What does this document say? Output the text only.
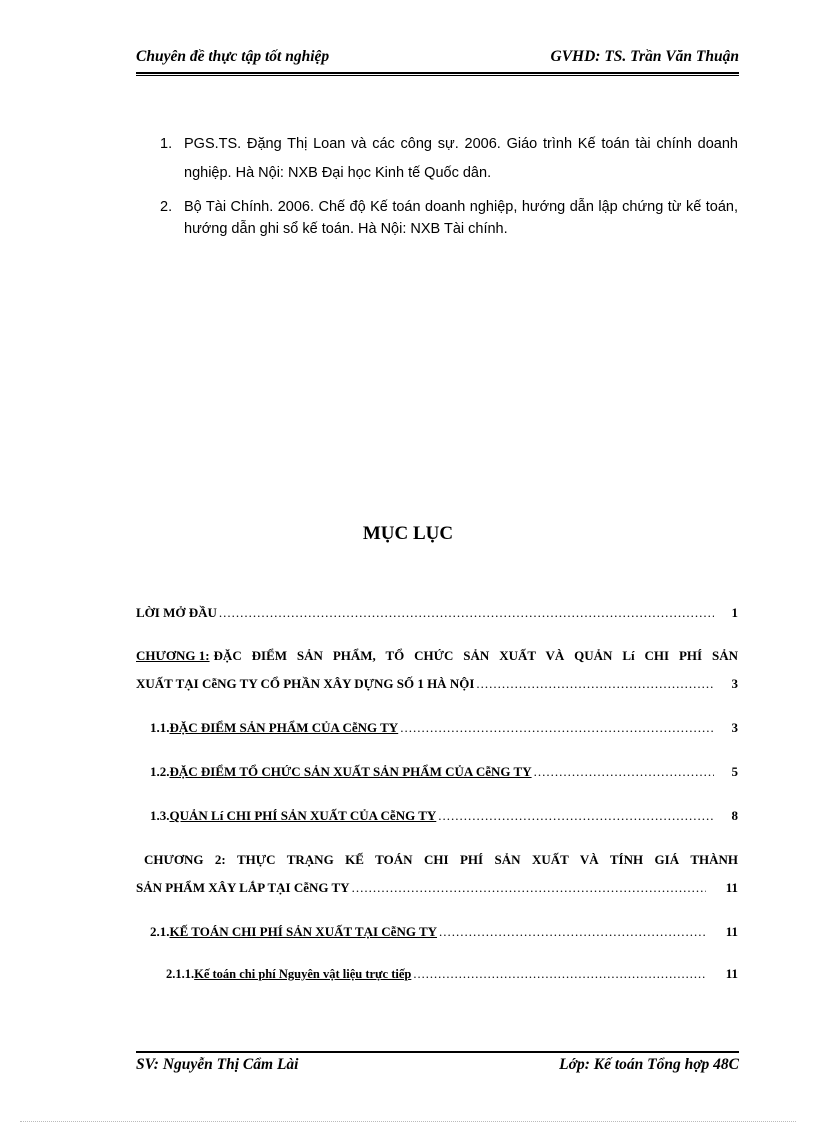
Chuyên đề thực tập tốt nghiệp	GVHD: TS. Trần Văn Thuận
1. PGS.TS. Đặng Thị Loan và các công sự. 2006. Giáo trình Kế toán tài chính doanh nghiệp. Hà Nội: NXB Đại học Kinh tế Quốc dân.
2. Bộ Tài Chính. 2006. Chế độ Kế toán doanh nghiệp, hướng dẫn lập chứng từ kế toán, hướng dẫn ghi sổ kế toán. Hà Nội: NXB Tài chính.
MỤC LỤC
LỜI MỞ ĐẦU .....	1
CHƯƠNG 1: ĐẶC ĐIỂM SẢN PHẨM, TỔ CHỨC SẢN XUẤT VÀ QUẢN Lí CHI PHÍ SẢN
XUẤT TẠI CễNG TY CỔ PHẦN XÂY DỰNG SỐ 1 HÀ NỘI .....	3
1.1. ĐẶC ĐIỂM SẢN PHẨM CỦA CễNG TY .....	3
1.2. ĐẶC ĐIỂM TỔ CHỨC SẢN XUẤT SẢN PHẨM CỦA CễNG TY .....	5
1.3. QUẢN Lí CHI PHÍ SẢN XUẤT CỦA CễNG TY .....	8
CHƯƠNG 2: THỰC TRẠNG KẾ TOÁN CHI PHÍ SẢN XUẤT VÀ TÍNH GIÁ THÀNH
SẢN PHẨM XÂY LẮP TẠI CễNG TY .....	11
2.1. KẾ TOÁN CHI PHÍ SẢN XUẤT TẠI CễNG TY .....	11
2.1.1. Kế toán chi phí Nguyên vật liệu trực tiếp .....	11
SV: Nguyễn Thị Cẩm Lài	Lớp: Kế toán Tổng hợp 48C
